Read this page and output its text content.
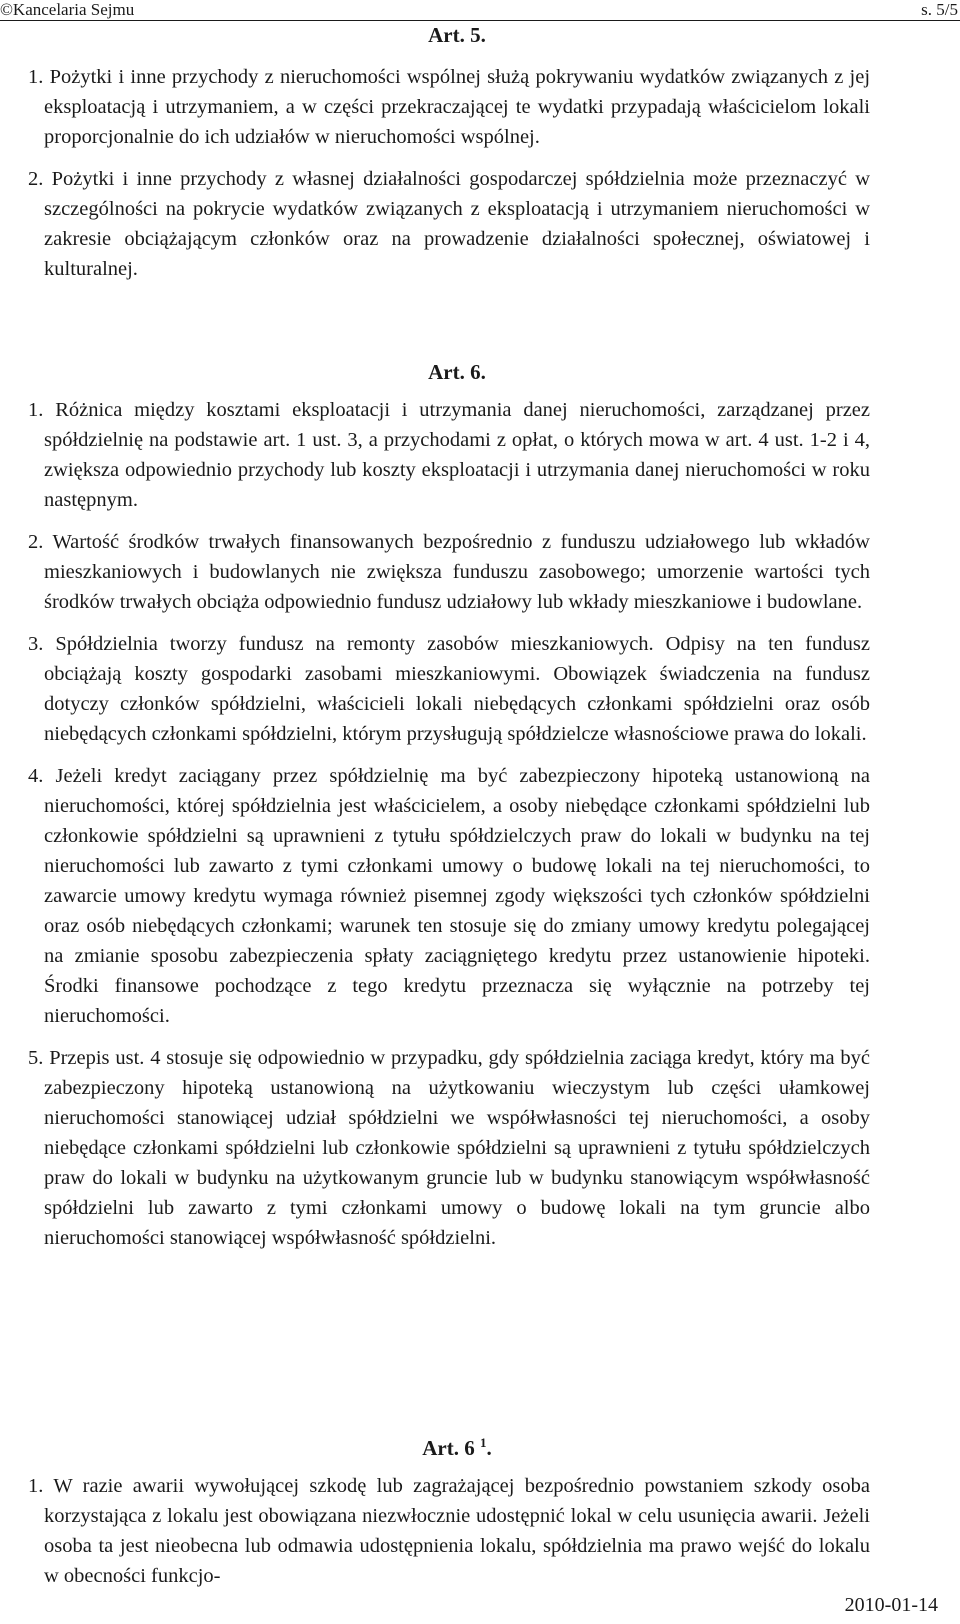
©Kancelaria Sejmu	s. 5/5
Art. 5.
1. Pożytki i inne przychody z nieruchomości wspólnej służą pokrywaniu wydatków związanych z jej eksploatacją i utrzymaniem, a w części przekraczającej te wydatki przypadają właścicielom lokali proporcjonalnie do ich udziałów w nieruchomości wspólnej.
2. Pożytki i inne przychody z własnej działalności gospodarczej spółdzielnia może przeznaczyć w szczególności na pokrycie wydatków związanych z eksploatacją i utrzymaniem nieruchomości w zakresie obciążającym członków oraz na prowadzenie działalności społecznej, oświatowej i kulturalnej.
Art. 6.
1. Różnica między kosztami eksploatacji i utrzymania danej nieruchomości, zarządzanej przez spółdzielnię na podstawie art. 1 ust. 3, a przychodami z opłat, o których mowa w art. 4 ust. 1-2 i 4, zwiększa odpowiednio przychody lub koszty eksploatacji i utrzymania danej nieruchomości w roku następnym.
2. Wartość środków trwałych finansowanych bezpośrednio z funduszu udziałowego lub wkładów mieszkaniowych i budowlanych nie zwiększa funduszu zasobowego; umorzenie wartości tych środków trwałych obciąża odpowiednio fundusz udziałowy lub wkłady mieszkaniowe i budowlane.
3. Spółdzielnia tworzy fundusz na remonty zasobów mieszkaniowych. Odpisy na ten fundusz obciążają koszty gospodarki zasobami mieszkaniowymi. Obowiązek świadczenia na fundusz dotyczy członków spółdzielni, właścicieli lokali niebędących członkami spółdzielni oraz osób niebędących członkami spółdzielni, którym przysługują spółdzielcze własnościowe prawa do lokali.
4. Jeżeli kredyt zaciągany przez spółdzielnię ma być zabezpieczony hipoteką ustanowioną na nieruchomości, której spółdzielnia jest właścicielem, a osoby niebędące członkami spółdzielni lub członkowie spółdzielni są uprawnieni z tytułu spółdzielczych praw do lokali w budynku na tej nieruchomości lub zawarto z tymi członkami umowy o budowę lokali na tej nieruchomości, to zawarcie umowy kredytu wymaga również pisemnej zgody większości tych członków spółdzielni oraz osób niebędących członkami; warunek ten stosuje się do zmiany umowy kredytu polegającej na zmianie sposobu zabezpieczenia spłaty zaciągniętego kredytu przez ustanowienie hipoteki. Środki finansowe pochodzące z tego kredytu przeznacza się wyłącznie na potrzeby tej nieruchomości.
5. Przepis ust. 4 stosuje się odpowiednio w przypadku, gdy spółdzielnia zaciąga kredyt, który ma być zabezpieczony hipoteką ustanowioną na użytkowaniu wieczystym lub części ułamkowej nieruchomości stanowiącej udział spółdzielni we współwłasności tej nieruchomości, a osoby niebędące członkami spółdzielni lub członkowie spółdzielni są uprawnieni z tytułu spółdzielczych praw do lokali w budynku na użytkowanym gruncie lub w budynku stanowiącym współwłasność spółdzielni lub zawarto z tymi członkami umowy o budowę lokali na tym gruncie albo nieruchomości stanowiącej współwłasność spółdzielni.
Art. 6 $^1$.
1. W razie awarii wywołującej szkodę lub zagrażającej bezpośrednio powstaniem szkody osoba korzystająca z lokalu jest obowiązana niezwłocznie udostępnić lokal w celu usunięcia awarii. Jeżeli osoba ta jest nieobecna lub odmawia udostępnienia lokalu, spółdzielnia ma prawo wejść do lokalu w obecności funkcjo-
2010-01-14
